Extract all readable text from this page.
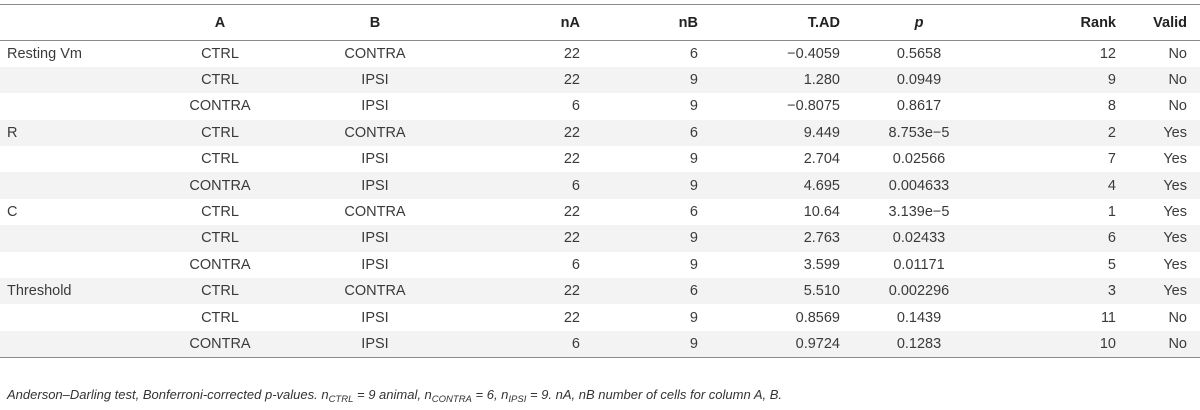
	A	B	nA	nB	T.AD	p	Rank	Valid
Resting Vm	CTRL	CONTRA	22	6	−0.4059	0.5658	12	No
	CTRL	IPSI	22	9	1.280	0.0949	9	No
	CONTRA	IPSI	6	9	−0.8075	0.8617	8	No
R	CTRL	CONTRA	22	6	9.449	8.753e−5	2	Yes
	CTRL	IPSI	22	9	2.704	0.02566	7	Yes
	CONTRA	IPSI	6	9	4.695	0.004633	4	Yes
C	CTRL	CONTRA	22	6	10.64	3.139e−5	1	Yes
	CTRL	IPSI	22	9	2.763	0.02433	6	Yes
	CONTRA	IPSI	6	9	3.599	0.01171	5	Yes
Threshold	CTRL	CONTRA	22	6	5.510	0.002296	3	Yes
	CTRL	IPSI	22	9	0.8569	0.1439	11	No
	CONTRA	IPSI	6	9	0.9724	0.1283	10	No
Anderson–Darling test, Bonferroni-corrected p-values. $n_{CTRL} = 9$ animal, $n_{CONTRA} = 6$, $n_{IPSI} = 9$. nA, nB number of cells for column A, B.
